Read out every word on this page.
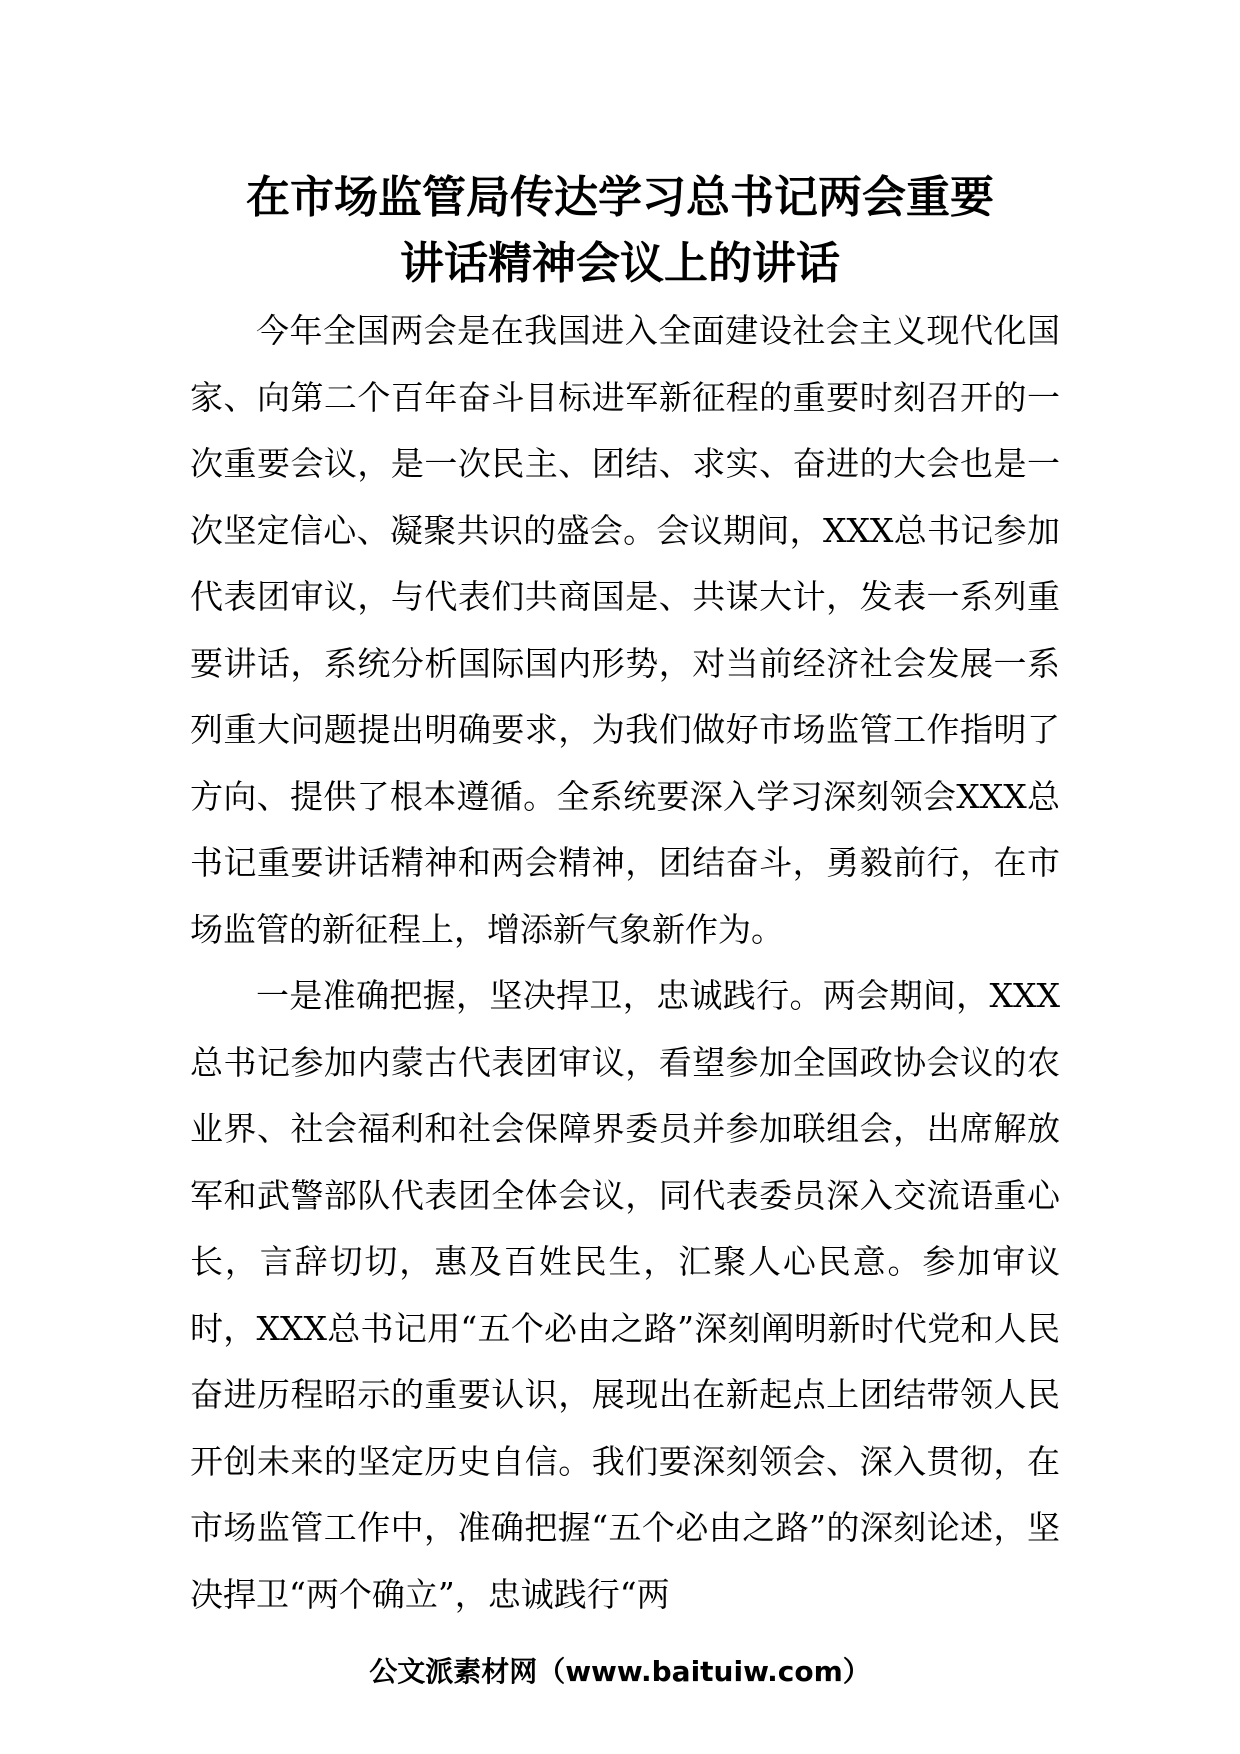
在市场监管局传达学习总书记两会重要
讲话精神会议上的讲话

今年全国两会是在我国进入全面建设社会主义现代化国家、向第二个百年奋斗目标进军新征程的重要时刻召开的一次重要会议，是一次民主、团结、求实、奋进的大会也是一次坚定信心、凝聚共识的盛会。会议期间，XXX总书记参加代表团审议，与代表们共商国是、共谋大计，发表一系列重要讲话，系统分析国际国内形势，对当前经济社会发展一系列重大问题提出明确要求，为我们做好市场监管工作指明了方向、提供了根本遵循。全系统要深入学习深刻领会XXX总书记重要讲话精神和两会精神，团结奋斗，勇毅前行，在市场监管的新征程上，增添新气象新作为。

一是准确把握，坚决捍卫，忠诚践行。两会期间，XXX总书记参加内蒙古代表团审议，看望参加全国政协会议的农业界、社会福利和社会保障界委员并参加联组会，出席解放军和武警部队代表团全体会议，同代表委员深入交流语重心长，言辞切切，惠及百姓民生，汇聚人心民意。参加审议时，XXX总书记用“五个必由之路”深刻阐明新时代党和人民奋进历程昭示的重要认识，展现出在新起点上团结带领人民开创未来的坚定历史自信。我们要深刻领会、深入贯彻，在市场监管工作中，准确把握“五个必由之路”的深刻论述，坚决捍卫“两个确立”，忠诚践行“两

公文派素材网（www.baituiw.com）
